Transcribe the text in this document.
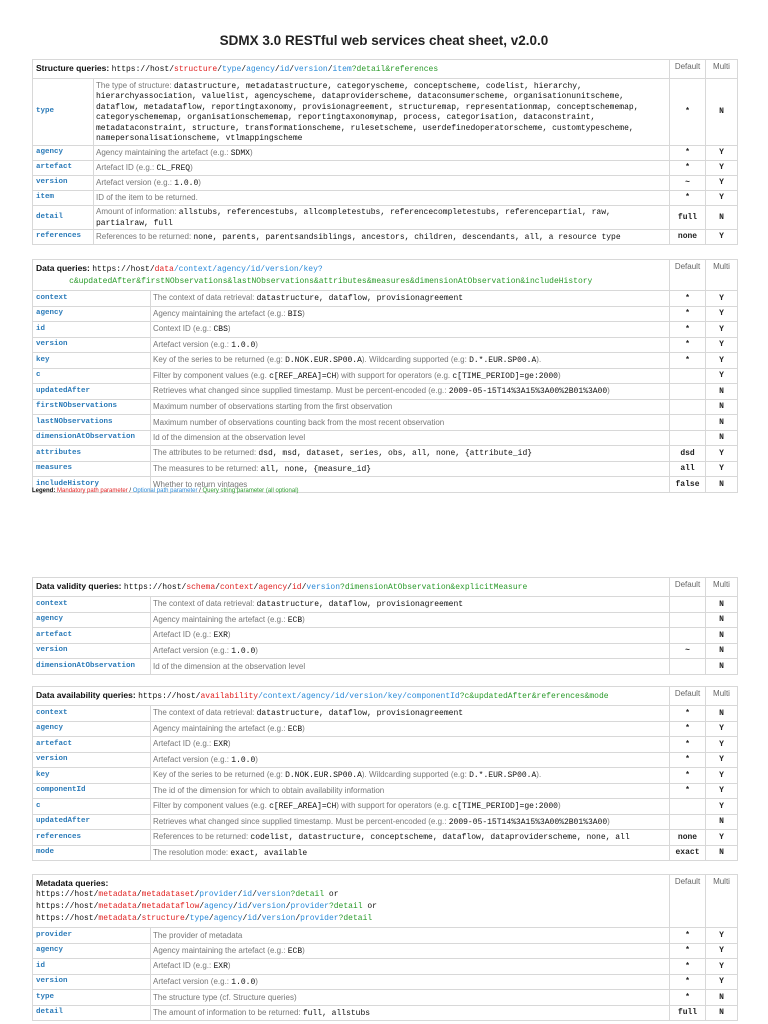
SDMX 3.0 RESTful web services cheat sheet, v2.0.0
Structure queries: https://host/structure/type/agency/id/version/item?detail&references		Default	Multi
type	The type of structure: datastructure, metadatastructure, categoryscheme, conceptscheme, codelist, hierarchy, hierarchyassociation, valuelist, agencyscheme, dataproviderscheme, dataconsumerscheme, organisationunitscheme, dataflow, metadataflow, reportingtaxonomy, provisionagreement, structuremap, representationmap, conceptschememap, categoryschememap, organisationschememap, reportingtaxonomymap, process, categorisation, dataconstraint, metadataconstraint, structure, transformationscheme, rulesetscheme, userdefinedoperatorscheme, customtypescheme, namepersonalisationscheme, vtlmappingscheme	*	N
agency	Agency maintaining the artefact (e.g.: SDMX)	*	Y
artefact	Artefact ID (e.g.: CL_FREQ)	*	Y
version	Artefact version (e.g.: 1.0.0)	~	Y
item	ID of the item to be returned.	*	Y
detail	Amount of information: allstubs, referencestubs, allcompletestubs, referencecompletestubs, referencepartial, raw, partialraw, full	full	N
references	References to be returned: none, parents, parentsandsiblings, ancestors, children, descendants, all, a resource type	none	Y
Data queries: https://host/data/context/agency/id/version/key?
c&updatedAfter&firstNObservations&lastNObservations&attributes&measures&dimensionAtObservation&includeHistory		Default	Multi
context	The context of data retrieval: datastructure, dataflow, provisionagreement	*	Y
agency	Agency maintaining the artefact (e.g.: BIS)	*	Y
id	Context ID (e.g.: CBS)	*	Y
version	Artefact version (e.g.: 1.0.0)	*	Y
key	Key of the series to be returned (e.g: D.NOK.EUR.SP00.A). Wildcarding supported (e.g: D.*.EUR.SP00.A).	*	Y
c	Filter by component values (e.g. c[REF_AREA]=CH) with support for operators (e.g. c[TIME_PERIOD]=ge:2000)		Y
updatedAfter	Retrieves what changed since supplied timestamp. Must be percent-encoded (e.g.: 2009-05-15T14%3A15%3A00%2B01%3A00)		N
firstNObservations	Maximum number of observations starting from the first observation		N
lastNObservations	Maximum number of observations counting back from the most recent observation		N
dimensionAtObservation	Id of the dimension at the observation level		N
attributes	The attributes to be returned: dsd, msd, dataset, series, obs, all, none, {attribute_id}	dsd	Y
measures	The measures to be returned: all, none, {measure_id}	all	Y
includeHistory	Whether to return vintages	false	N
Legend: Mandatory path parameter / Optional path parameter / Query string parameter (all optional)
Data validity queries: https://host/schema/context/agency/id/version?dimensionAtObservation&explicitMeasure		Default	Multi
context	The context of data retrieval: datastructure, dataflow, provisionagreement		N
agency	Agency maintaining the artefact (e.g.: ECB)		N
artefact	Artefact ID (e.g.: EXR)		N
version	Artefact version (e.g.: 1.0.0)	~	N
dimensionAtObservation	Id of the dimension at the observation level		N
Data availability queries: https://host/availability/context/agency/id/version/key/componentId?c&updatedAfter&references&mode		Default	Multi
context	The context of data retrieval: datastructure, dataflow, provisionagreement	*	N
agency	Agency maintaining the artefact (e.g.: ECB)	*	Y
artefact	Artefact ID (e.g.: EXR)	*	Y
version	Artefact version (e.g.: 1.0.0)	*	Y
key	Key of the series to be returned (e.g: D.NOK.EUR.SP00.A). Wildcarding supported (e.g: D.*.EUR.SP00.A).	*	Y
componentId	The id of the dimension for which to obtain availability information	*	Y
c	Filter by component values (e.g. c[REF_AREA]=CH) with support for operators (e.g. c[TIME_PERIOD]=ge:2000)		Y
updatedAfter	Retrieves what changed since supplied timestamp. Must be percent-encoded (e.g.: 2009-05-15T14%3A15%3A00%2B01%3A00)		N
references	References to be returned: codelist, datastructure, conceptscheme, dataflow, dataproviderscheme, none, all	none	Y
mode	The resolution mode: exact, available	exact	N
Metadata queries:
https://host/metadata/metadataset/provider/id/version?detail or
https://host/metadata/metadataflow/agency/id/version/provider?detail or
https://host/metadata/structure/type/agency/id/version/provider?detail		Default	Multi
provider	The provider of metadata	*	Y
agency	Agency maintaining the artefact (e.g.: ECB)	*	Y
id	Artefact ID (e.g.: EXR)	*	Y
version	Artefact version (e.g.: 1.0.0)	*	Y
type	The structure type (cf. Structure queries)	*	N
detail	The amount of information to be returned: full, allstubs	full	N
